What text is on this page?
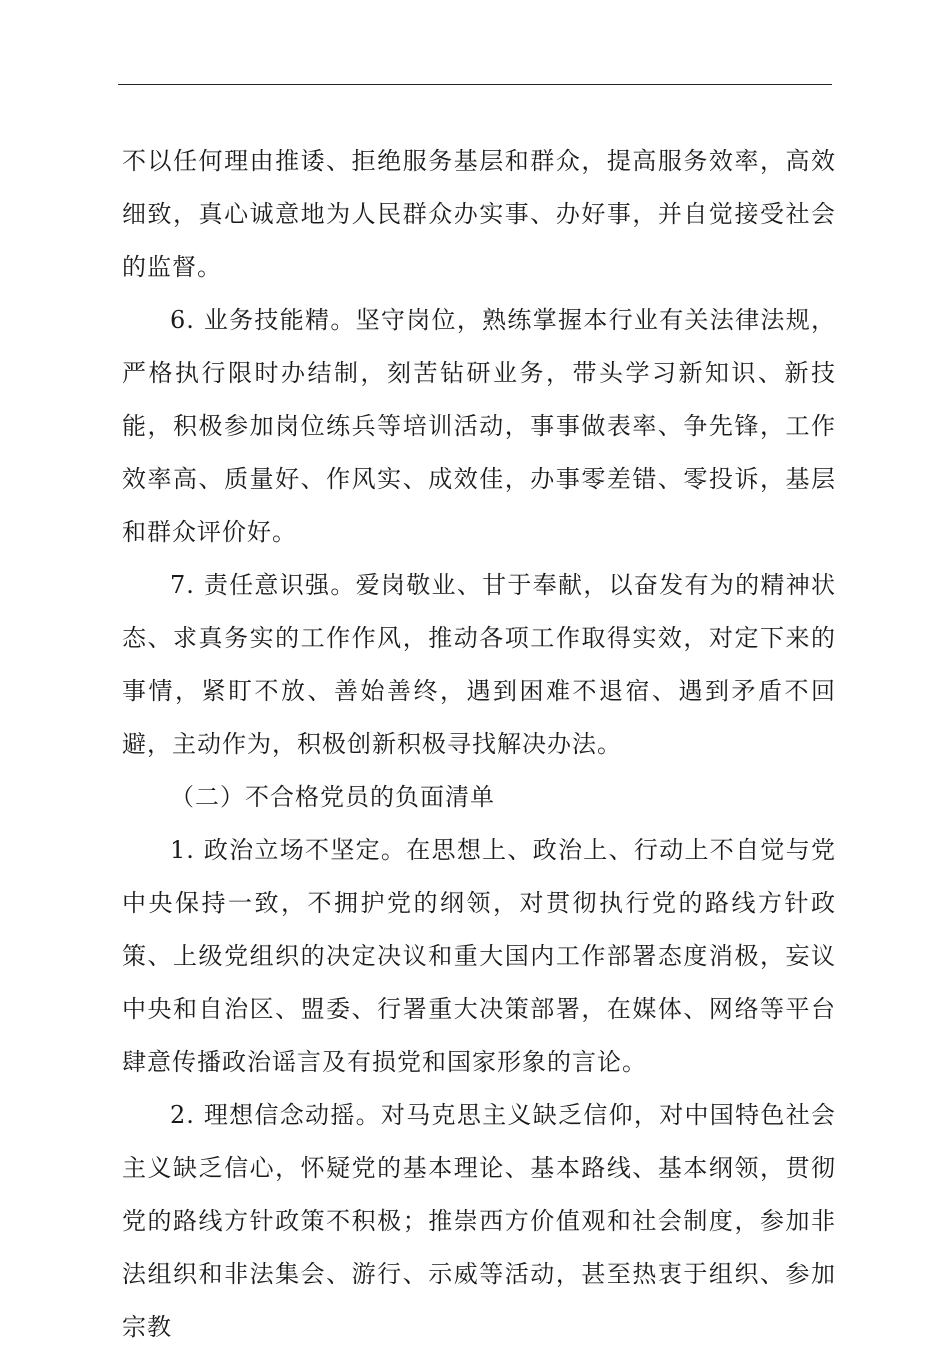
不以任何理由推诿、拒绝服务基层和群众，提高服务效率，高效细致，真心诚意地为人民群众办实事、办好事，并自觉接受社会的监督。

6. 业务技能精。坚守岗位，熟练掌握本行业有关法律法规，严格执行限时办结制，刻苦钻研业务，带头学习新知识、新技能，积极参加岗位练兵等培训活动，事事做表率、争先锋，工作效率高、质量好、作风实、成效佳，办事零差错、零投诉，基层和群众评价好。

7. 责任意识强。爱岗敬业、甘于奉献，以奋发有为的精神状态、求真务实的工作作风，推动各项工作取得实效，对定下来的事情，紧盯不放、善始善终，遇到困难不退宿、遇到矛盾不回避，主动作为，积极创新积极寻找解决办法。

（二）不合格党员的负面清单

1. 政治立场不坚定。在思想上、政治上、行动上不自觉与党中央保持一致，不拥护党的纲领，对贯彻执行党的路线方针政策、上级党组织的决定决议和重大国内工作部署态度消极，妄议中央和自治区、盟委、行署重大决策部署，在媒体、网络等平台肆意传播政治谣言及有损党和国家形象的言论。

2. 理想信念动摇。对马克思主义缺乏信仰，对中国特色社会主义缺乏信心，怀疑党的基本理论、基本路线、基本纲领，贯彻党的路线方针政策不积极；推崇西方价值观和社会制度，参加非法组织和非法集会、游行、示威等活动，甚至热衷于组织、参加宗教
